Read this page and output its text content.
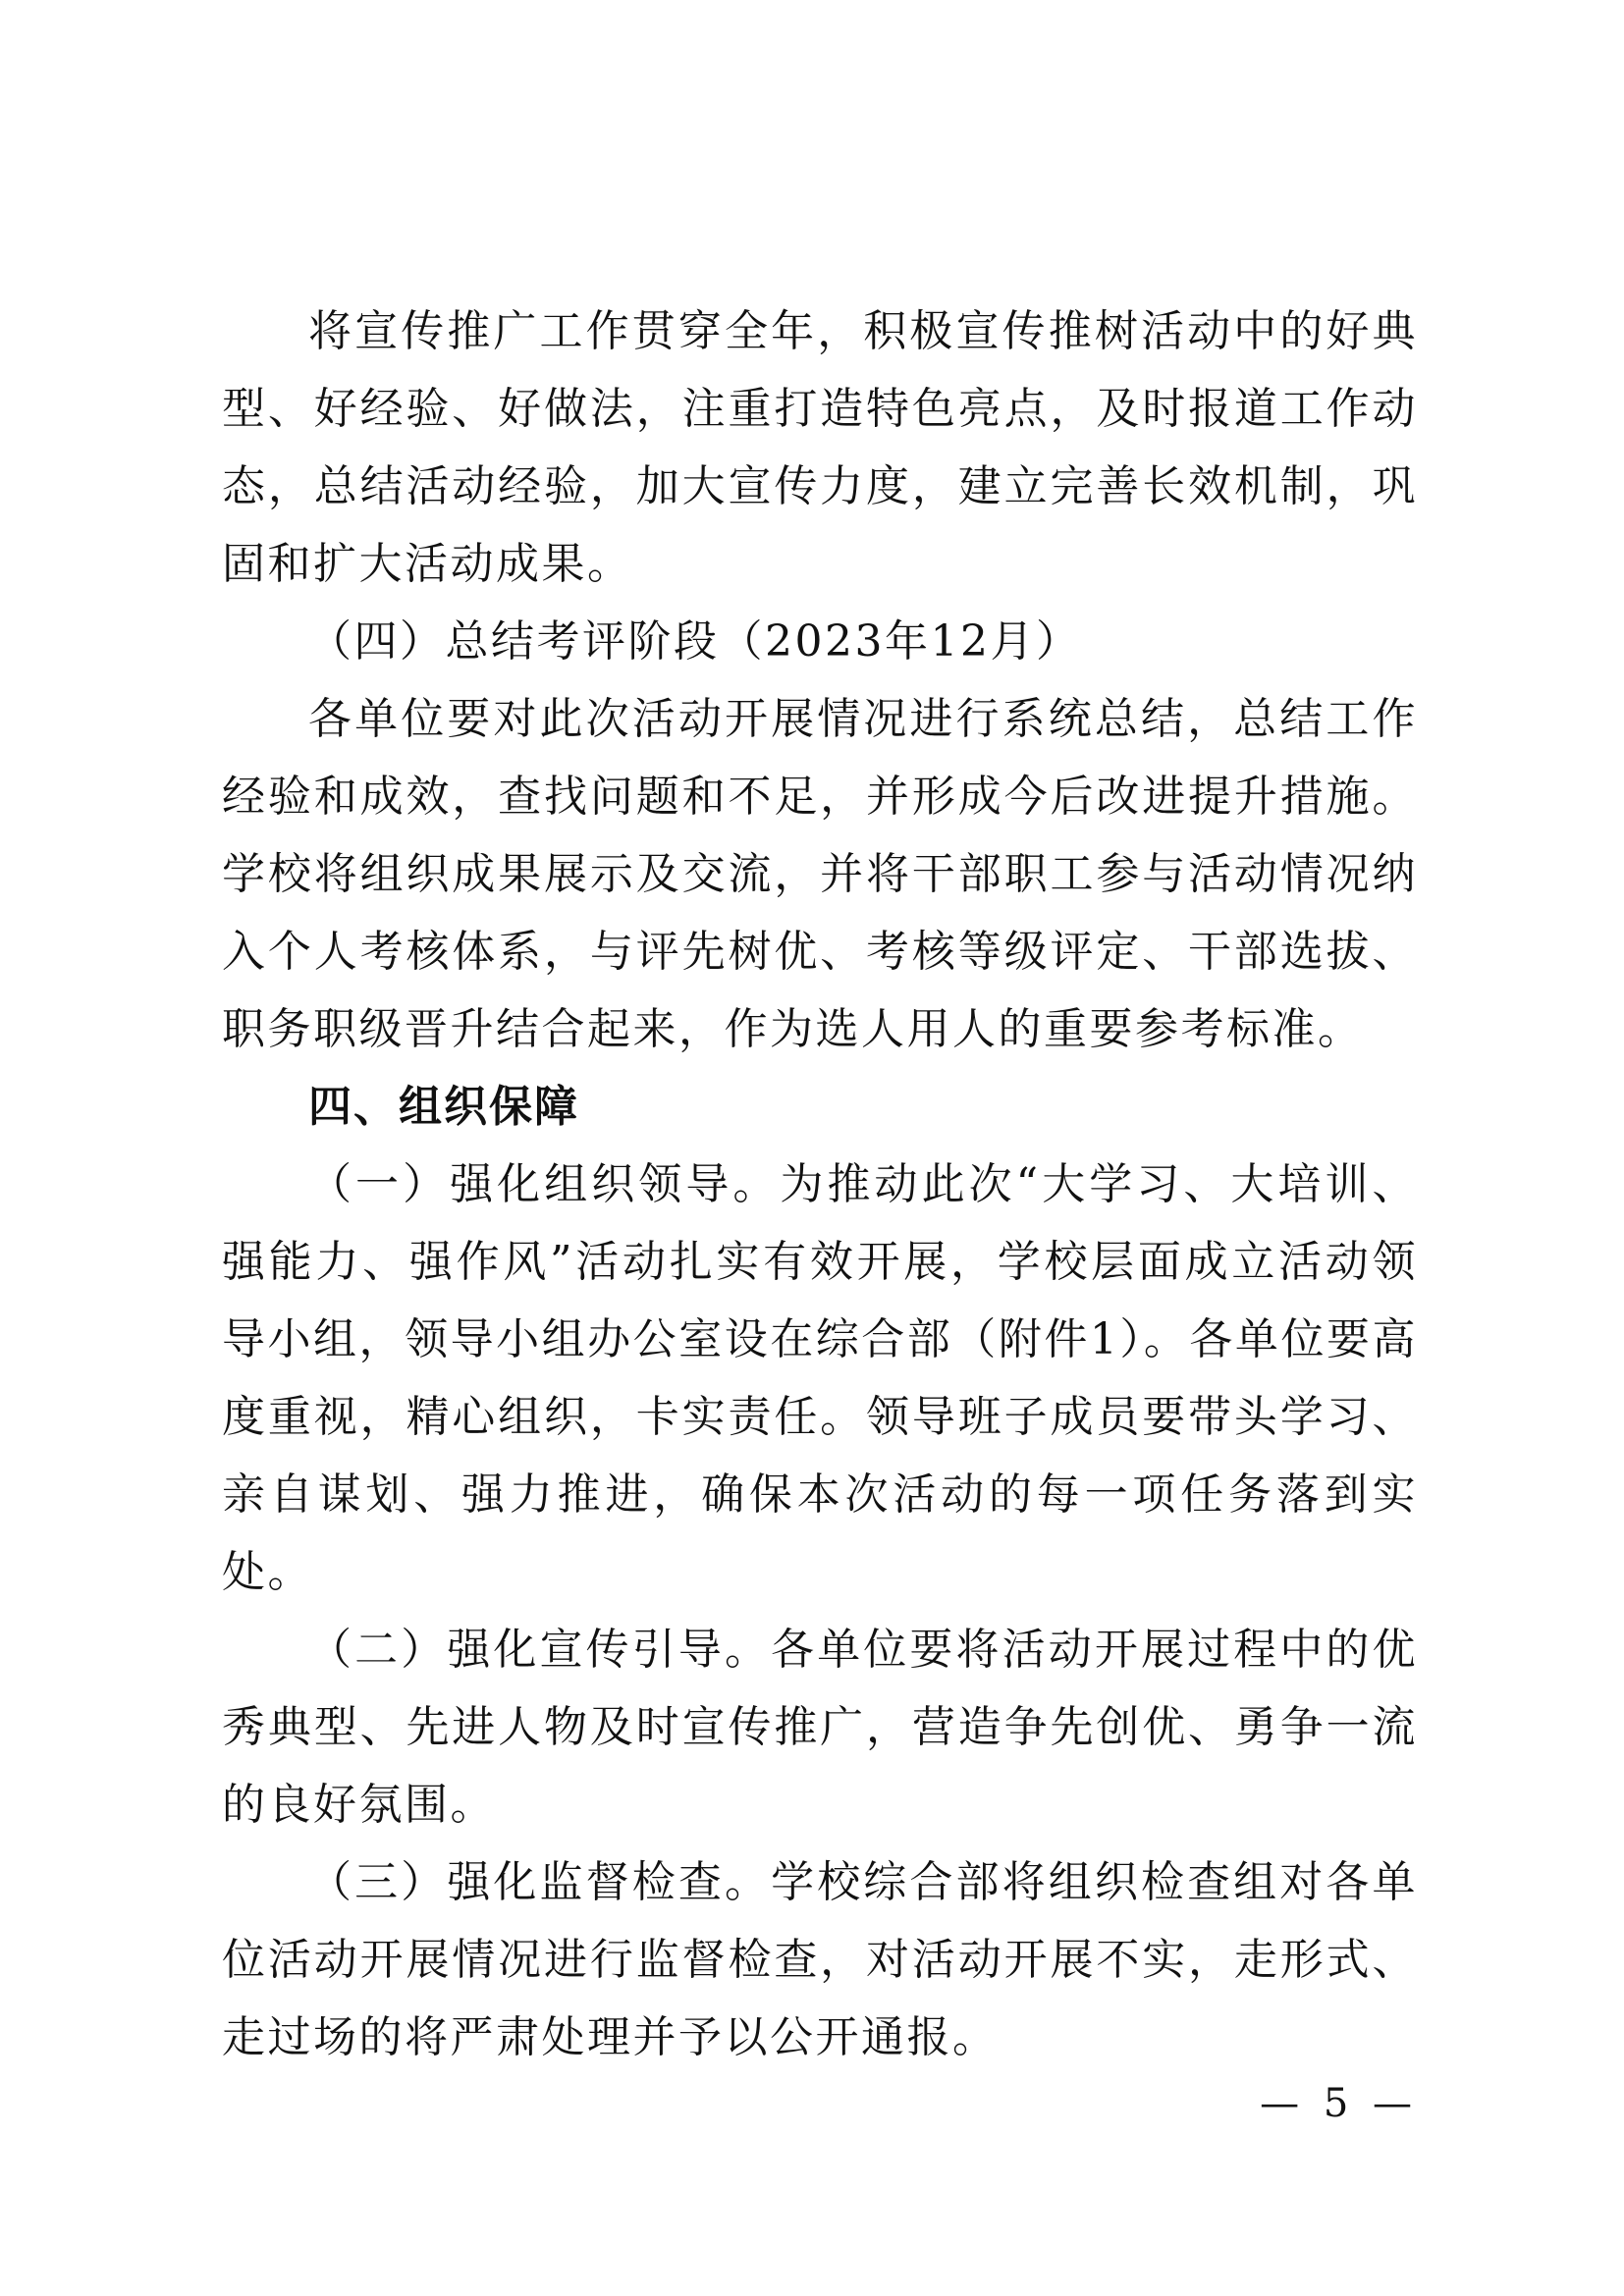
将宣传推广工作贯穿全年，积极宣传推树活动中的好典型、好经验、好做法，注重打造特色亮点，及时报道工作动态，总结活动经验，加大宣传力度，建立完善长效机制，巩固和扩大活动成果。

（四）总结考评阶段（2023年12月）

各单位要对此次活动开展情况进行系统总结，总结工作经验和成效，查找问题和不足，并形成今后改进提升措施。学校将组织成果展示及交流，并将干部职工参与活动情况纳入个人考核体系，与评先树优、考核等级评定、干部选拔、职务职级晋升结合起来，作为选人用人的重要参考标准。

四、组织保障

（一）强化组织领导。为推动此次“大学习、大培训、强能力、强作风”活动扎实有效开展，学校层面成立活动领导小组，领导小组办公室设在综合部（附件1）。各单位要高度重视，精心组织，卡实责任。领导班子成员要带头学习、亲自谋划、强力推进，确保本次活动的每一项任务落到实处。

（二）强化宣传引导。各单位要将活动开展过程中的优秀典型、先进人物及时宣传推广，营造争先创优、勇争一流的良好氛围。

（三）强化监督检查。学校综合部将组织检查组对各单位活动开展情况进行监督检查，对活动开展不实，走形式、走过场的将严肃处理并予以公开通报。

— 5 —
